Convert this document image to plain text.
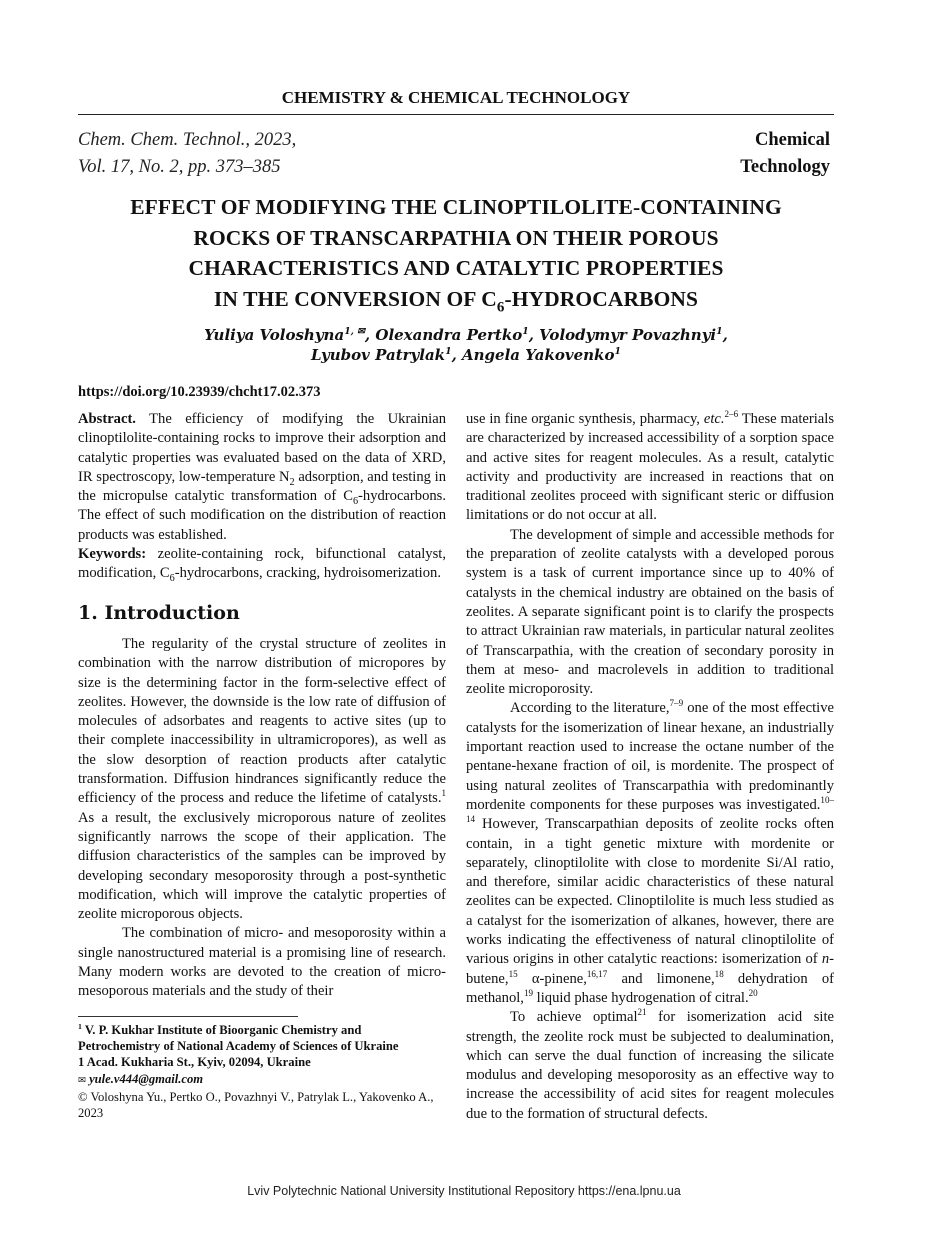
CHEMISTRY & CHEMICAL TECHNOLOGY
Chem. Chem. Technol., 2023,
Vol. 17, No. 2, pp. 373–385
Chemical
Technology
EFFECT OF MODIFYING THE CLINOPTILOLITE-CONTAINING
ROCKS OF TRANSCARPATHIA ON THEIR POROUS
CHARACTERISTICS AND CATALYTIC PROPERTIES
IN THE CONVERSION OF $C_6$-HYDROCARBONS
Yuliya Voloshyna$^{1, ✉}$, Olexandra Pertko$^1$, Volodymyr Povazhnyi$^1$,
Lyubov Patrylak$^1$, Angela Yakovenko$^1$
https://doi.org/10.23939/chcht17.02.373

Abstract. The efficiency of modifying the Ukrainian clinoptilolite-containing rocks to improve their adsorption and catalytic properties was evaluated based on the data of XRD, IR spectroscopy, low-temperature $N_2$ adsorption, and testing in the micropulse catalytic transformation of $C_6$-hydrocarbons. The effect of such modification on the distribution of reaction products was established.

Keywords: zeolite-containing rock, bifunctional catalyst, modification, $C_6$-hydrocarbons, cracking, hydroisomerization.

1. Introduction

The regularity of the crystal structure of zeolites in combination with the narrow distribution of micropores by size is the determining factor in the form-selective effect of zeolites. However, the downside is the low rate of diffusion of molecules of adsorbates and reagents to active sites (up to their complete inaccessibility in ultramicropores), as well as the slow desorption of reaction products after catalytic transformation. Diffusion hindrances significantly reduce the efficiency of the process and reduce the lifetime of catalysts.$^1$ As a result, the exclusively microporous nature of zeolites significantly narrows the scope of their application. The diffusion characteristics of the samples can be improved by developing secondary mesoporosity through a post-synthetic modification, which will improve the catalytic properties of zeolite microporous objects.

The combination of micro- and mesoporosity within a single nanostructured material is a promising line of research. Many modern works are devoted to the creation of micro-mesoporous materials and the study of their

$^1$ V. P. Kukhar Institute of Bioorganic Chemistry and Petrochemistry of National Academy of Sciences of Ukraine
1 Acad. Kukharia St., Kyiv, 02094, Ukraine
✉ yule.v444@gmail.com
© Voloshyna Yu., Pertko O., Povazhnyi V., Patrylak L., Yakovenko A., 2023

use in fine organic synthesis, pharmacy, etc.$^{2-6}$ These materials are characterized by increased accessibility of a sorption space and active sites for reagent molecules. As a result, catalytic activity and productivity are increased in reactions that on traditional zeolites proceed with significant steric or diffusion limitations or do not occur at all.

The development of simple and accessible methods for the preparation of zeolite catalysts with a developed porous system is a task of current importance since up to 40% of catalysts in the chemical industry are obtained on the basis of zeolites. A separate significant point is to clarify the prospects to attract Ukrainian raw materials, in particular natural zeolites of Transcarpathia, with the creation of secondary porosity in them at meso- and macrolevels in addition to traditional zeolite microporosity.

According to the literature,$^{7-9}$ one of the most effective catalysts for the isomerization of linear hexane, an industrially important reaction used to increase the octane number of the pentane-hexane fraction of oil, is mordenite. The prospect of using natural zeolites of Transcarpathia with predominantly mordenite components for these purposes was investigated.$^{10-14}$ However, Transcarpathian deposits of zeolite rocks often contain, in a tight genetic mixture with mordenite or separately, clinoptilolite with close to mordenite Si/Al ratio, and therefore, similar acidic characteristics of these natural zeolites can be expected. Clinoptilolite is much less studied as a catalyst for the isomerization of alkanes, however, there are works indicating the effectiveness of natural clinoptilolite of various origins in other catalytic reactions: isomerization of n-butene,$^{15}$ α-pinene,$^{16,17}$ and limonene,$^{18}$ dehydration of methanol,$^{19}$ liquid phase hydrogenation of citral.$^{20}$

To achieve optimal$^{21}$ for isomerization acid site strength, the zeolite rock must be subjected to dealumination, which can serve the dual function of increasing the silicate modulus and developing mesoporosity as an effective way to increase the accessibility of acid sites for reagent molecules due to the formation of structural defects.

Lviv Polytechnic National University Institutional Repository https://ena.lpnu.ua
